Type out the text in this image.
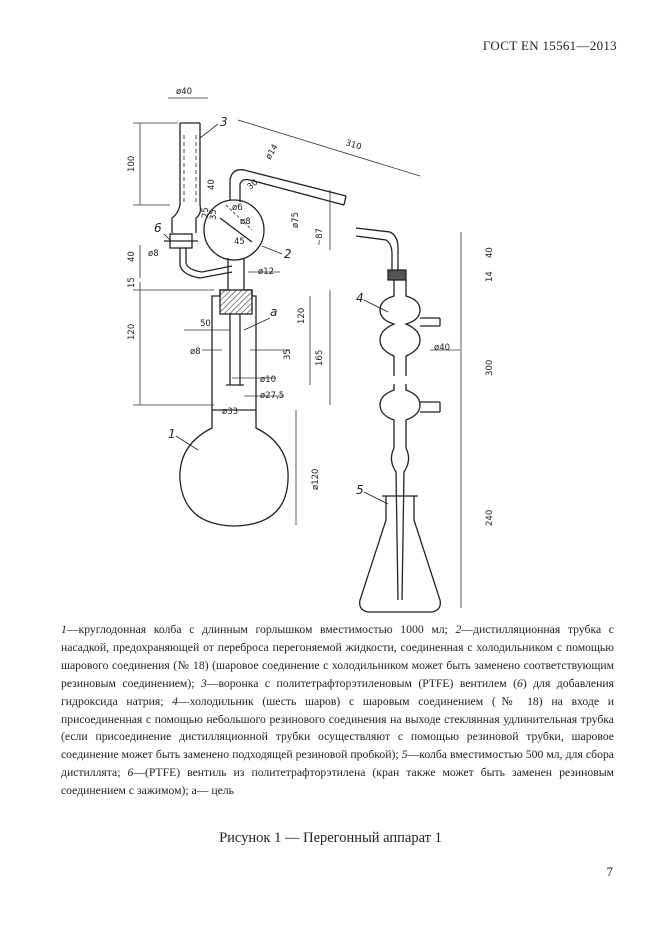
ГОСТ EN 15561—2013
ø40
310
ø14
100
40	30
ø6
ø8	ø75
~87
45
25
35
40 ø8
ø12
15
50
120
120
ø8	35	165
ø10
ø27,5
ø33
ø120
40
14
ø40
300
240
3
6
2
a
1
4
5
1—круглодонная колба с длинным горлышком вместимостью 1000 мл; 2—дистилляционная трубка с насадкой, предохраняющей от переброса перегоняемой жидкости, соединенная с холодильником с помощью шарового соединения (№ 18) (шаровое соединение с холодильником может быть заменено соответствующим резиновым соединением); 3—воронка с политетрафторэтиленовым (PTFE) вентилем (6) для добавления гидроксида натрия; 4—холодильник (шесть шаров) с шаровым соединением (№ 18) на входе и присоединенная с помощью небольшого резинового соединения на выходе стеклянная удлинительная трубка (если присоединение дистилляционной трубки осуществляют с помощью резиновой трубки, шаровое соединение может быть заменено подходящей резиновой пробкой); 5—колба вместимостью 500 мл, для сбора дистиллята; 6—(PTFE) вентиль из политетрафторэтилена (кран также может быть заменен резиновым соединением с зажимом); а— цель
Рисунок 1 — Перегонный аппарат 1
7
